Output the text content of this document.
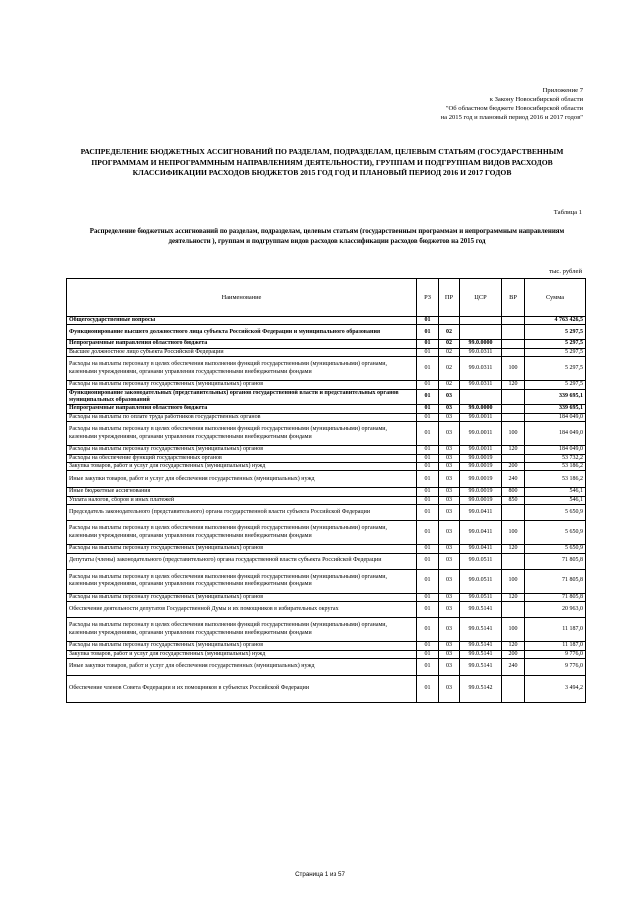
Приложение 7
к Закону Новосибирской области
"Об областном бюджете Новосибирской области
на 2015 год и плановый период 2016 и 2017 годов"
РАСПРЕДЕЛЕНИЕ БЮДЖЕТНЫХ АССИГНОВАНИЙ ПО РАЗДЕЛАМ, ПОДРАЗДЕЛАМ, ЦЕЛЕВЫМ СТАТЬЯМ (ГОСУДАРСТВЕННЫМ ПРОГРАММАМ И НЕПРОГРАММНЫМ НАПРАВЛЕНИЯМ ДЕЯТЕЛЬНОСТИ), ГРУППАМ И ПОДГРУППАМ ВИДОВ РАСХОДОВ КЛАССИФИКАЦИИ РАСХОДОВ БЮДЖЕТОВ 2015 ГОД ГОД И ПЛАНОВЫЙ ПЕРИОД 2016 И 2017 ГОДОВ
Таблица 1
Распределение бюджетных ассигнований по разделам, подразделам, целевым статьям (государственным программам и непрограммным направлениям деятельности ), группам и подгруппам видов расходов классификации расходов бюджетов на 2015 год
тыс. рублей
Наименование	РЗ	ПР	ЦСР	ВР	Сумма
Общегосударственные вопросы	01				4 763 426,5
Функционирование высшего должностного лица субъекта Российской Федерации и муниципального образования	01	02			5 297,5
Непрограммные направления областного бюджета	01	02	99.0.0000		5 297,5
Высшее должностное лицо субъекта Российской Федерации	01	02	99.0.0311		5 297,5
Расходы на выплаты персоналу в целях обеспечения выполнения функций государственными (муниципальными) органами, казенными учреждениями, органами управления государственными внебюджетными фондами	01	02	99.0.0311	100	5 297,5
Расходы на выплаты персоналу государственных (муниципальных) органов	01	02	99.0.0311	120	5 297,5
Функционирование законодательных (представительных) органов государственной власти и представительных органов муниципальных образований	01	03			339 695,1
Непрограммные направления областного бюджета	01	03	99.0.0000		339 695,1
Расходы на выплаты по оплате труда работников государственных органов	01	03	99.0.0011		184 049,0
Расходы на выплаты персоналу в целях обеспечения выполнения функций государственными (муниципальными) органами, казенными учреждениями, органами управления государственными внебюджетными фондами	01	03	99.0.0011	100	184 049,0
Расходы на выплаты персоналу государственных (муниципальных) органов	01	03	99.0.0011	120	184 049,0
Расходы на обеспечение функций государственных органов	01	03	99.0.0019		53 732,2
Закупка товаров, работ и услуг для государственных (муниципальных) нужд	01	03	99.0.0019	200	53 186,2
Иные закупки товаров, работ и услуг для обеспечения государственных (муниципальных) нужд	01	03	99.0.0019	240	53 186,2
Иные бюджетные ассигнования	01	03	99.0.0019	800	546,1
Уплата налогов, сборов и иных платежей	01	03	99.0.0019	850	546,1
Председатель законодательного (представительного) органа государственной власти субъекта Российской Федерации	01	03	99.0.0411		5 650,9
Расходы на выплаты персоналу в целях обеспечения выполнения функций государственными (муниципальными) органами, казенными учреждениями, органами управления государственными внебюджетными фондами	01	03	99.0.0411	100	5 650,9
Расходы на выплаты персоналу государственных (муниципальных) органов	01	03	99.0.0411	120	5 650,9
Депутаты (члены) законодательного (представительного) органа государственной власти субъекта Российской Федерации	01	03	99.0.0511		71 805,8
Расходы на выплаты персоналу в целях обеспечения выполнения функций государственными (муниципальными) органами, казенными учреждениями, органами управления государственными внебюджетными фондами	01	03	99.0.0511	100	71 805,8
Расходы на выплаты персоналу государственных (муниципальных) органов	01	03	99.0.0511	120	71 805,8
Обеспечение деятельности депутатов Государственной Думы и их помощников в избирательных округах	01	03	99.0.5141		20 963,0
Расходы на выплаты персоналу в целях обеспечения выполнения функций государственными (муниципальными) органами, казенными учреждениями, органами управления государственными внебюджетными фондами	01	03	99.0.5141	100	11 187,0
Расходы на выплаты персоналу государственных (муниципальных) органов	01	03	99.0.5141	120	11 187,0
Закупка товаров, работ и услуг для государственных (муниципальных) нужд	01	03	99.0.5141	200	9 776,0
Иные закупки товаров, работ и услуг для обеспечения государственных (муниципальных) нужд	01	03	99.0.5141	240	9 776,0
Обеспечение членов Совета Федерации и их помощников в субъектах Российской Федерации	01	03	99.0.5142		3 494,2
Страница 1 из 57
